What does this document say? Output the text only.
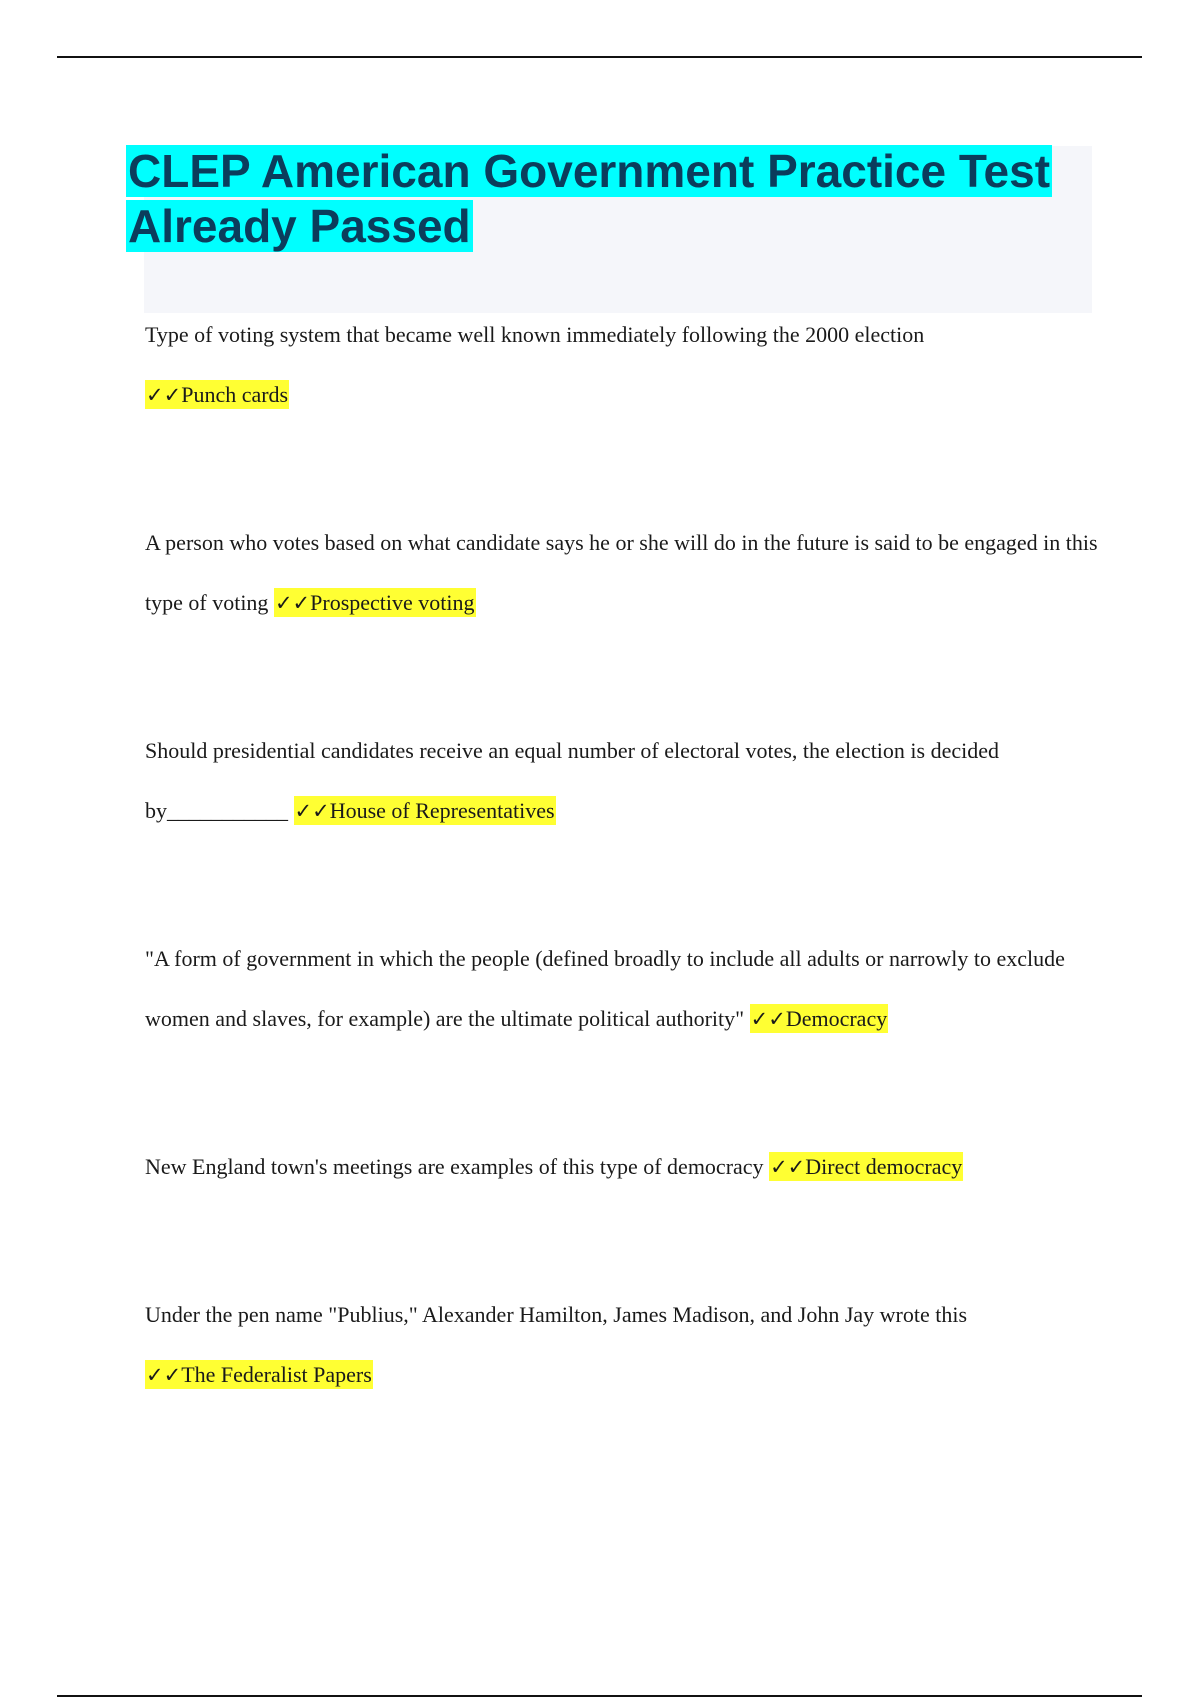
CLEP American Government Practice Test Already Passed

Type of voting system that became well known immediately following the 2000 election
✓✓Punch cards

A person who votes based on what candidate says he or she will do in the future is said to be engaged in this type of voting ✓✓Prospective voting

Should presidential candidates receive an equal number of electoral votes, the election is decided by___________ ✓✓House of Representatives

"A form of government in which the people (defined broadly to include all adults or narrowly to exclude women and slaves, for example) are the ultimate political authority" ✓✓Democracy

New England town's meetings are examples of this type of democracy ✓✓Direct democracy

Under the pen name "Publius," Alexander Hamilton, James Madison, and John Jay wrote this
✓✓The Federalist Papers
